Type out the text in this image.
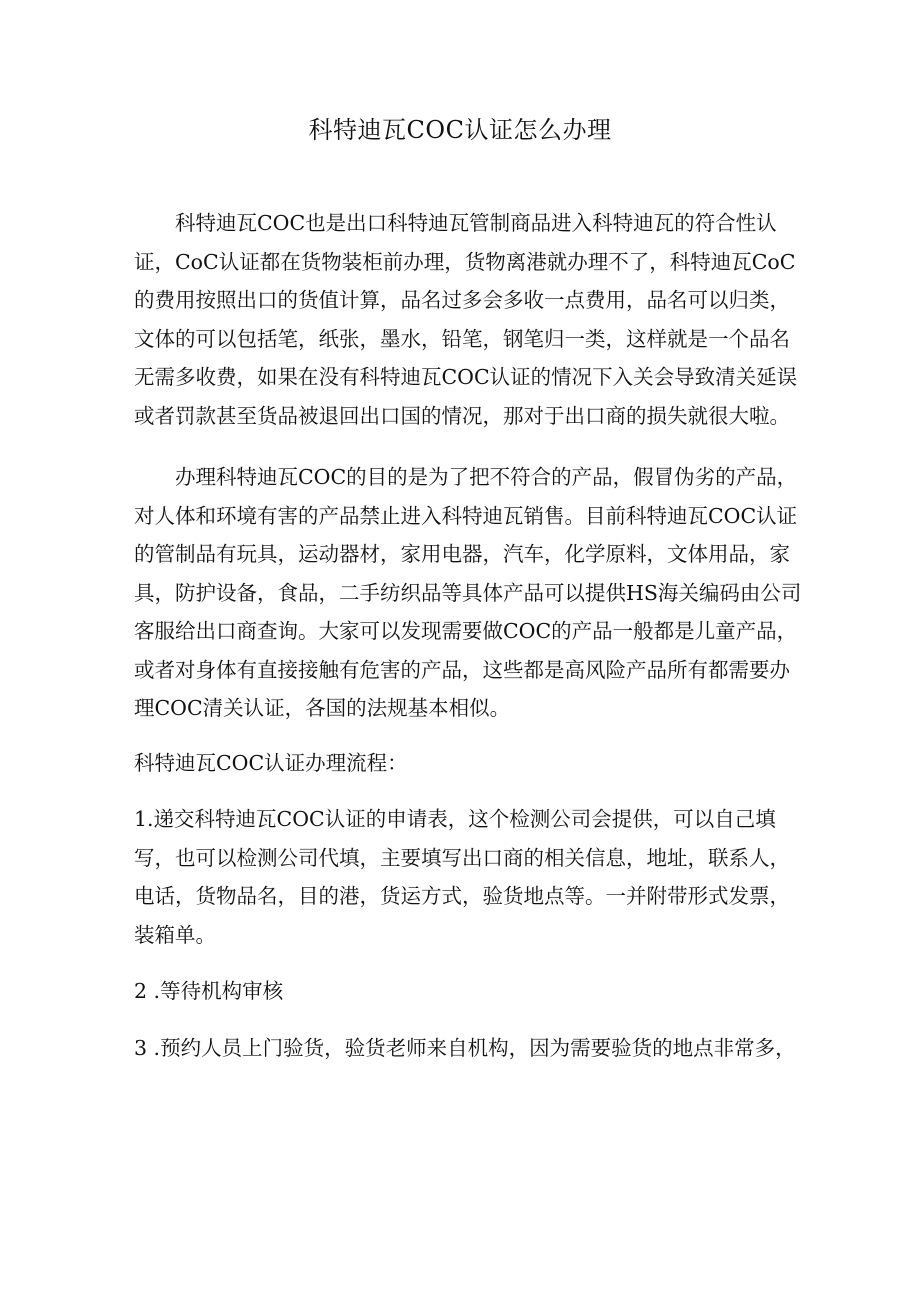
科特迪瓦COC认证怎么办理

科特迪瓦COC也是出口科特迪瓦管制商品进入科特迪瓦的符合性认证，CoC认证都在货物装柜前办理，货物离港就办理不了，科特迪瓦CoC的费用按照出口的货值计算，品名过多会多收一点费用，品名可以归类，文体的可以包括笔，纸张，墨水，铅笔，钢笔归一类，这样就是一个品名无需多收费，如果在没有科特迪瓦COC认证的情况下入关会导致清关延误或者罚款甚至货品被退回出口国的情况，那对于出口商的损失就很大啦。

办理科特迪瓦COC的目的是为了把不符合的产品，假冒伪劣的产品，对人体和环境有害的产品禁止进入科特迪瓦销售。目前科特迪瓦COC认证的管制品有玩具，运动器材，家用电器，汽车，化学原料，文体用品，家具，防护设备，食品，二手纺织品等具体产品可以提供HS海关编码由公司客服给出口商查询。大家可以发现需要做COC的产品一般都是儿童产品，或者对身体有直接接触有危害的产品，这些都是高风险产品所有都需要办理COC清关认证，各国的法规基本相似。

科特迪瓦COC认证办理流程：

1.递交科特迪瓦COC认证的申请表，这个检测公司会提供，可以自己填写，也可以检测公司代填，主要填写出口商的相关信息，地址，联系人，电话，货物品名，目的港，货运方式，验货地点等。一并附带形式发票，装箱单。

2 .等待机构审核

3 .预约人员上门验货，验货老师来自机构，因为需要验货的地点非常多，
